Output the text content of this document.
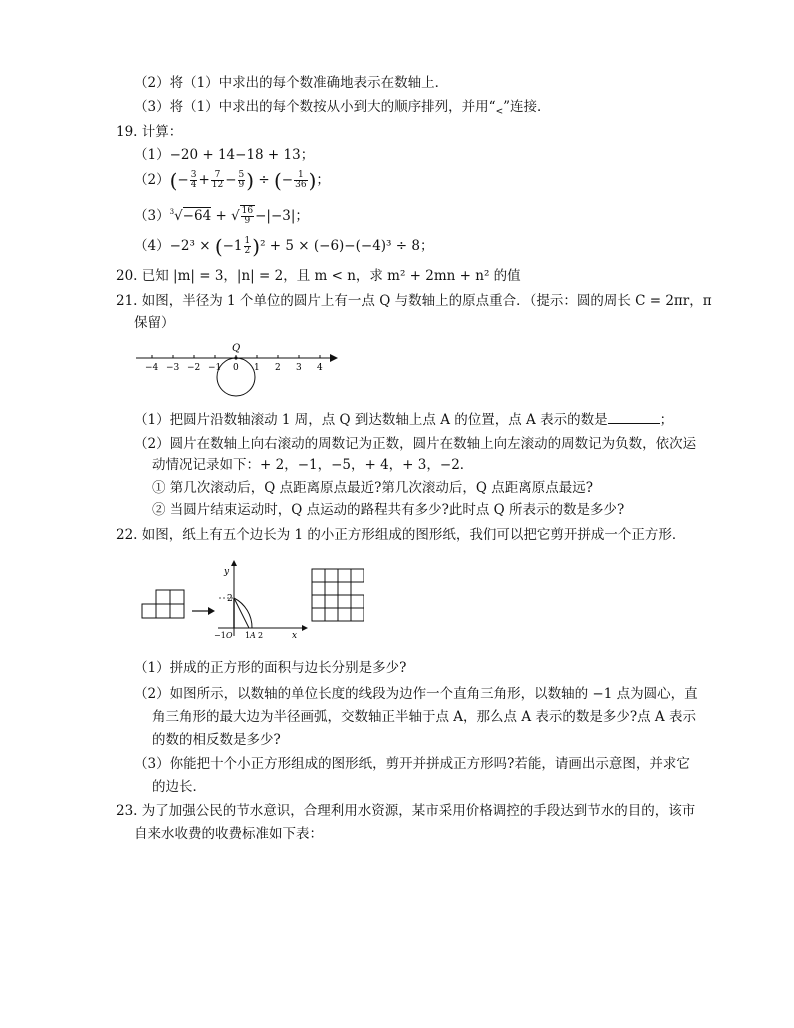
（2）将（1）中求出的每个数准确地表示在数轴上．
（3）将（1）中求出的每个数按从小到大的顺序排列，并用“$_<$”连接．
19. 计算：
（1）−20 + 14−18 + 13；
$(2)(- \frac{3}{4} + \frac{7}{12} - \frac{5}{9}$ ) ÷ (− $\frac{1}{36}$ )；
$(3)^3√-64$ + √ $\frac{16}{9} -|-3|$；
$(4)-2^3 \times (-1 \frac{1}{2} )^2 + 5 \times (-6)-(-4)^3 \div 8$；
20. 已知 |m| = 3，|n| = 2，且 m < n，求 m² + 2mn + n² 的值
21. 如图，半径为 1 个单位的圆片上有一点 Q 与数轴上的原点重合．（提示：圆的周长 C = 2πr，π
保留）
−4 −3 −2 −1 0 1 2 3 4
Q
（1）把圆片沿数轴滚动 1 周，点 Q 到达数轴上点 A 的位置，点 A 表示的数是	；
（2）圆片在数轴上向右滚动的周数记为正数，圆片在数轴上向左滚动的周数记为负数，依次运
动情况记录如下：+ 2，−1，−5，+ 4，+ 3，−2．
① 第几次滚动后，Q 点距离原点最近?第几次滚动后，Q 点距离原点最远?
② 当圆片结束运动时，Q 点运动的路程共有多少?此时点 Q 所表示的数是多少?
22. 如图，纸上有五个边长为 1 的小正方形组成的图形纸，我们可以把它剪开拼成一个正方形．
y
2
−1 O 1 A 2	x
（1）拼成的正方形的面积与边长分别是多少?
（2）如图所示，以数轴的单位长度的线段为边作一个直角三角形，以数轴的 −1 点为圆心，直
角三角形的最大边为半径画弧，交数轴正半轴于点 A，那么点 A 表示的数是多少?点 A 表示
的数的相反数是多少?
（3）你能把十个小正方形组成的图形纸，剪开并拼成正方形吗?若能，请画出示意图，并求它
的边长．
23. 为了加强公民的节水意识，合理利用水资源，某市采用价格调控的手段达到节水的目的，该市
自来水收费的收费标准如下表：
